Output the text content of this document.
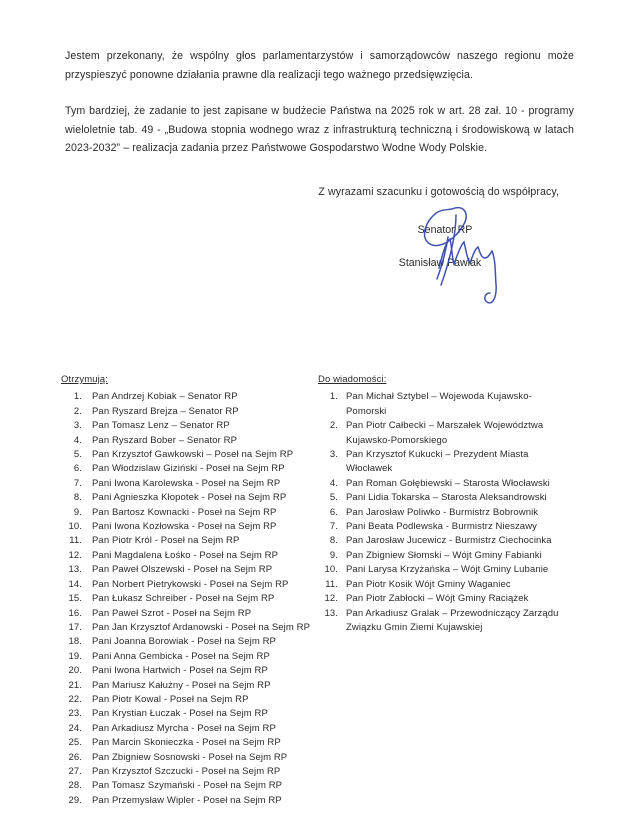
Jestem przekonany, że wspólny głos parlamentarzystów i samorządowców naszego regionu może przyspieszyć ponowne działania prawne dla realizacji tego ważnego przedsięwzięcia.

Tym bardziej, że zadanie to jest zapisane w budżecie Państwa na 2025 rok w art. 28 zał. 10 - programy wieloletnie tab. 49 - „Budowa stopnia wodnego wraz z infrastrukturą techniczną i środowiskową w latach 2023-2032” – realizacja zadania przez Państwowe Gospodarstwo Wodne Wody Polskie.

Z wyrazami szacunku i gotowością do współpracy,
Senator RP
Stanisław Pawlak
Otrzymują:
1. Pan Andrzej Kobiak – Senator RP
2. Pan Ryszard Brejza – Senator RP
3. Pan Tomasz Lenz – Senator RP
4. Pan Ryszard Bober – Senator RP
5. Pan Krzysztof Gawkowski – Poseł na Sejm RP
6. Pan Włodzislaw Giziński - Poseł na Sejm RP
7. Pani Iwona Karolewska - Poseł na Sejm RP
8. Pani Agnieszka Kłopotek - Poseł na Sejm RP
9. Pan Bartosz Kownacki - Poseł na Sejm RP
10. Pani Iwona Kozłowska - Poseł na Sejm RP
11. Pan Piotr Król - Poseł na Sejm RP
12. Pani Magdalena Łośko - Poseł na Sejm RP
13. Pan Paweł Olszewski - Poseł na Sejm RP
14. Pan Norbert Pietrykowski - Poseł na Sejm RP
15. Pan Łukasz Schreiber - Poseł na Sejm RP
16. Pan Paweł Szrot - Poseł na Sejm RP
17. Pan Jan Krzysztof Ardanowski - Poseł na Sejm RP
18. Pani Joanna Borowiak - Poseł na Sejm RP
19. Pani Anna Gembicka - Poseł na Sejm RP
20. Pani Iwona Hartwich - Poseł na Sejm RP
21. Pan Mariusz Kałużny - Poseł na Sejm RP
22. Pan Piotr Kowal - Poseł na Sejm RP
23. Pan Krystian Łuczak - Poseł na Sejm RP
24. Pan Arkadiusz Myrcha - Poseł na Sejm RP
25. Pan Marcin Skonieczka - Poseł na Sejm RP
26. Pan Zbigniew Sosnowski - Poseł na Sejm RP
27. Pan Krzysztof Szczucki - Poseł na Sejm RP
28. Pan Tomasz Szymański - Poseł na Sejm RP
29. Pan Przemysław Wipler - Poseł na Sejm RP
Do wiadomości:
1. Pan Michał Sztybel – Wojewoda Kujawsko-Pomorski
2. Pan Piotr Całbecki – Marszałek Województwa Kujawsko-Pomorskiego
3. Pan Krzysztof Kukucki – Prezydent Miasta Włocławek
4. Pan Roman Gołębiewski – Starosta Włocławski
5. Pani Lidia Tokarska – Starosta Aleksandrowski
6. Pan Jarosław Poliwko - Burmistrz Bobrownik
7. Pani Beata Podlewska - Burmistrz Nieszawy
8. Pan Jarosław Jucewicz - Burmistrz Ciechocinka
9. Pan Zbigniew Słomski – Wójt Gminy Fabianki
10. Pani Larysa Krzyżańska – Wójt Gminy Lubanie
11. Pan Piotr Kosik Wójt Gminy Waganiec
12. Pan Piotr Zabłocki – Wójt Gminy Raciążek
13. Pan Arkadiusz Gralak – Przewodniczący Zarządu Związku Gmin Ziemi Kujawskiej
